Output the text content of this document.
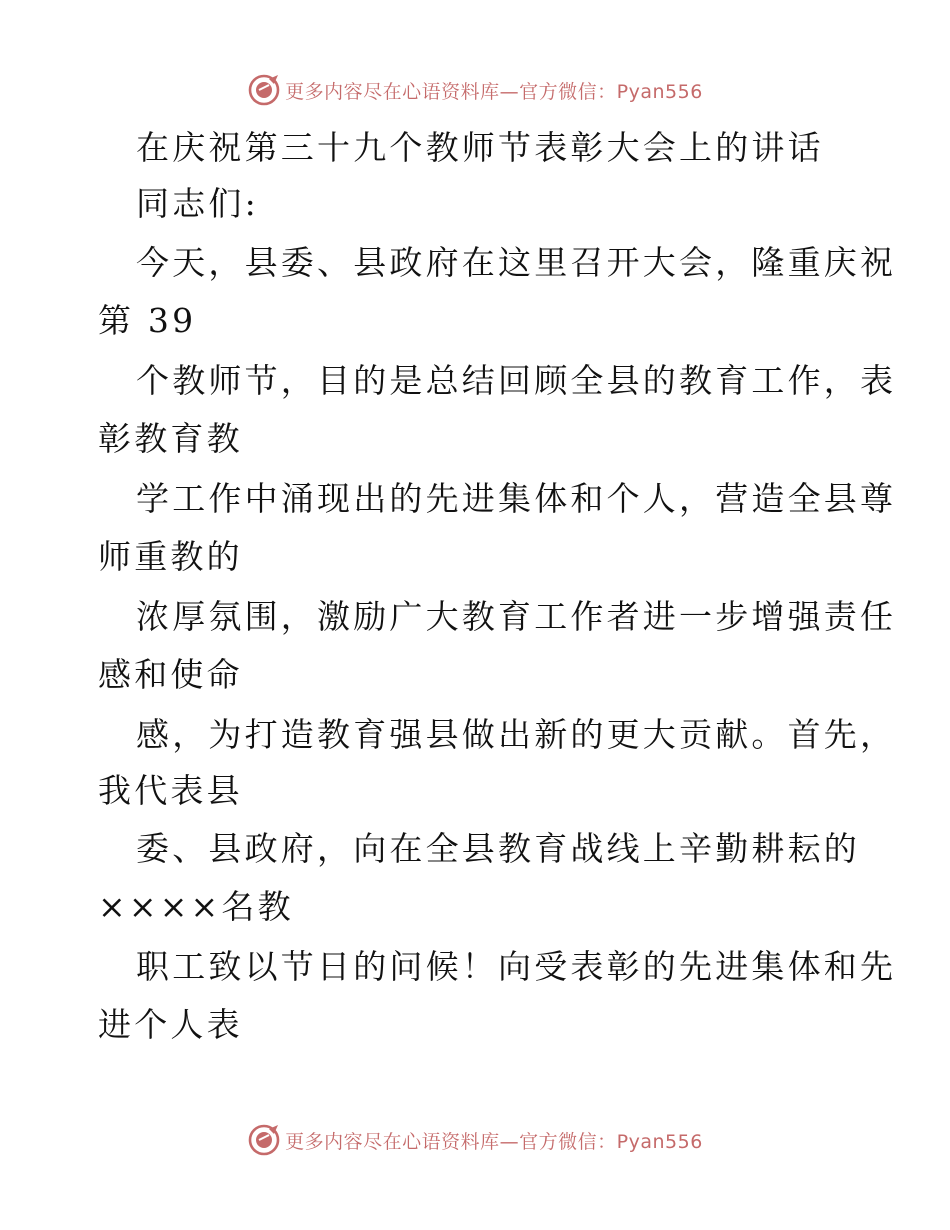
更多内容尽在心语资料库—官方微信：Pyan556
在庆祝第三十九个教师节表彰大会上的讲话
同志们:
今天，县委、县政府在这里召开大会，隆重庆祝
第 39
个教师节，目的是总结回顾全县的教育工作，表
彰教育教
学工作中涌现出的先进集体和个人，营造全县尊
师重教的
浓厚氛围，激励广大教育工作者进一步增强责任
感和使命
感，为打造教育强县做出新的更大贡献。首先，
我代表县
委、县政府，向在全县教育战线上辛勤耕耘的
××××名教
职工致以节日的问候！向受表彰的先进集体和先
进个人表
更多内容尽在心语资料库—官方微信：Pyan556
